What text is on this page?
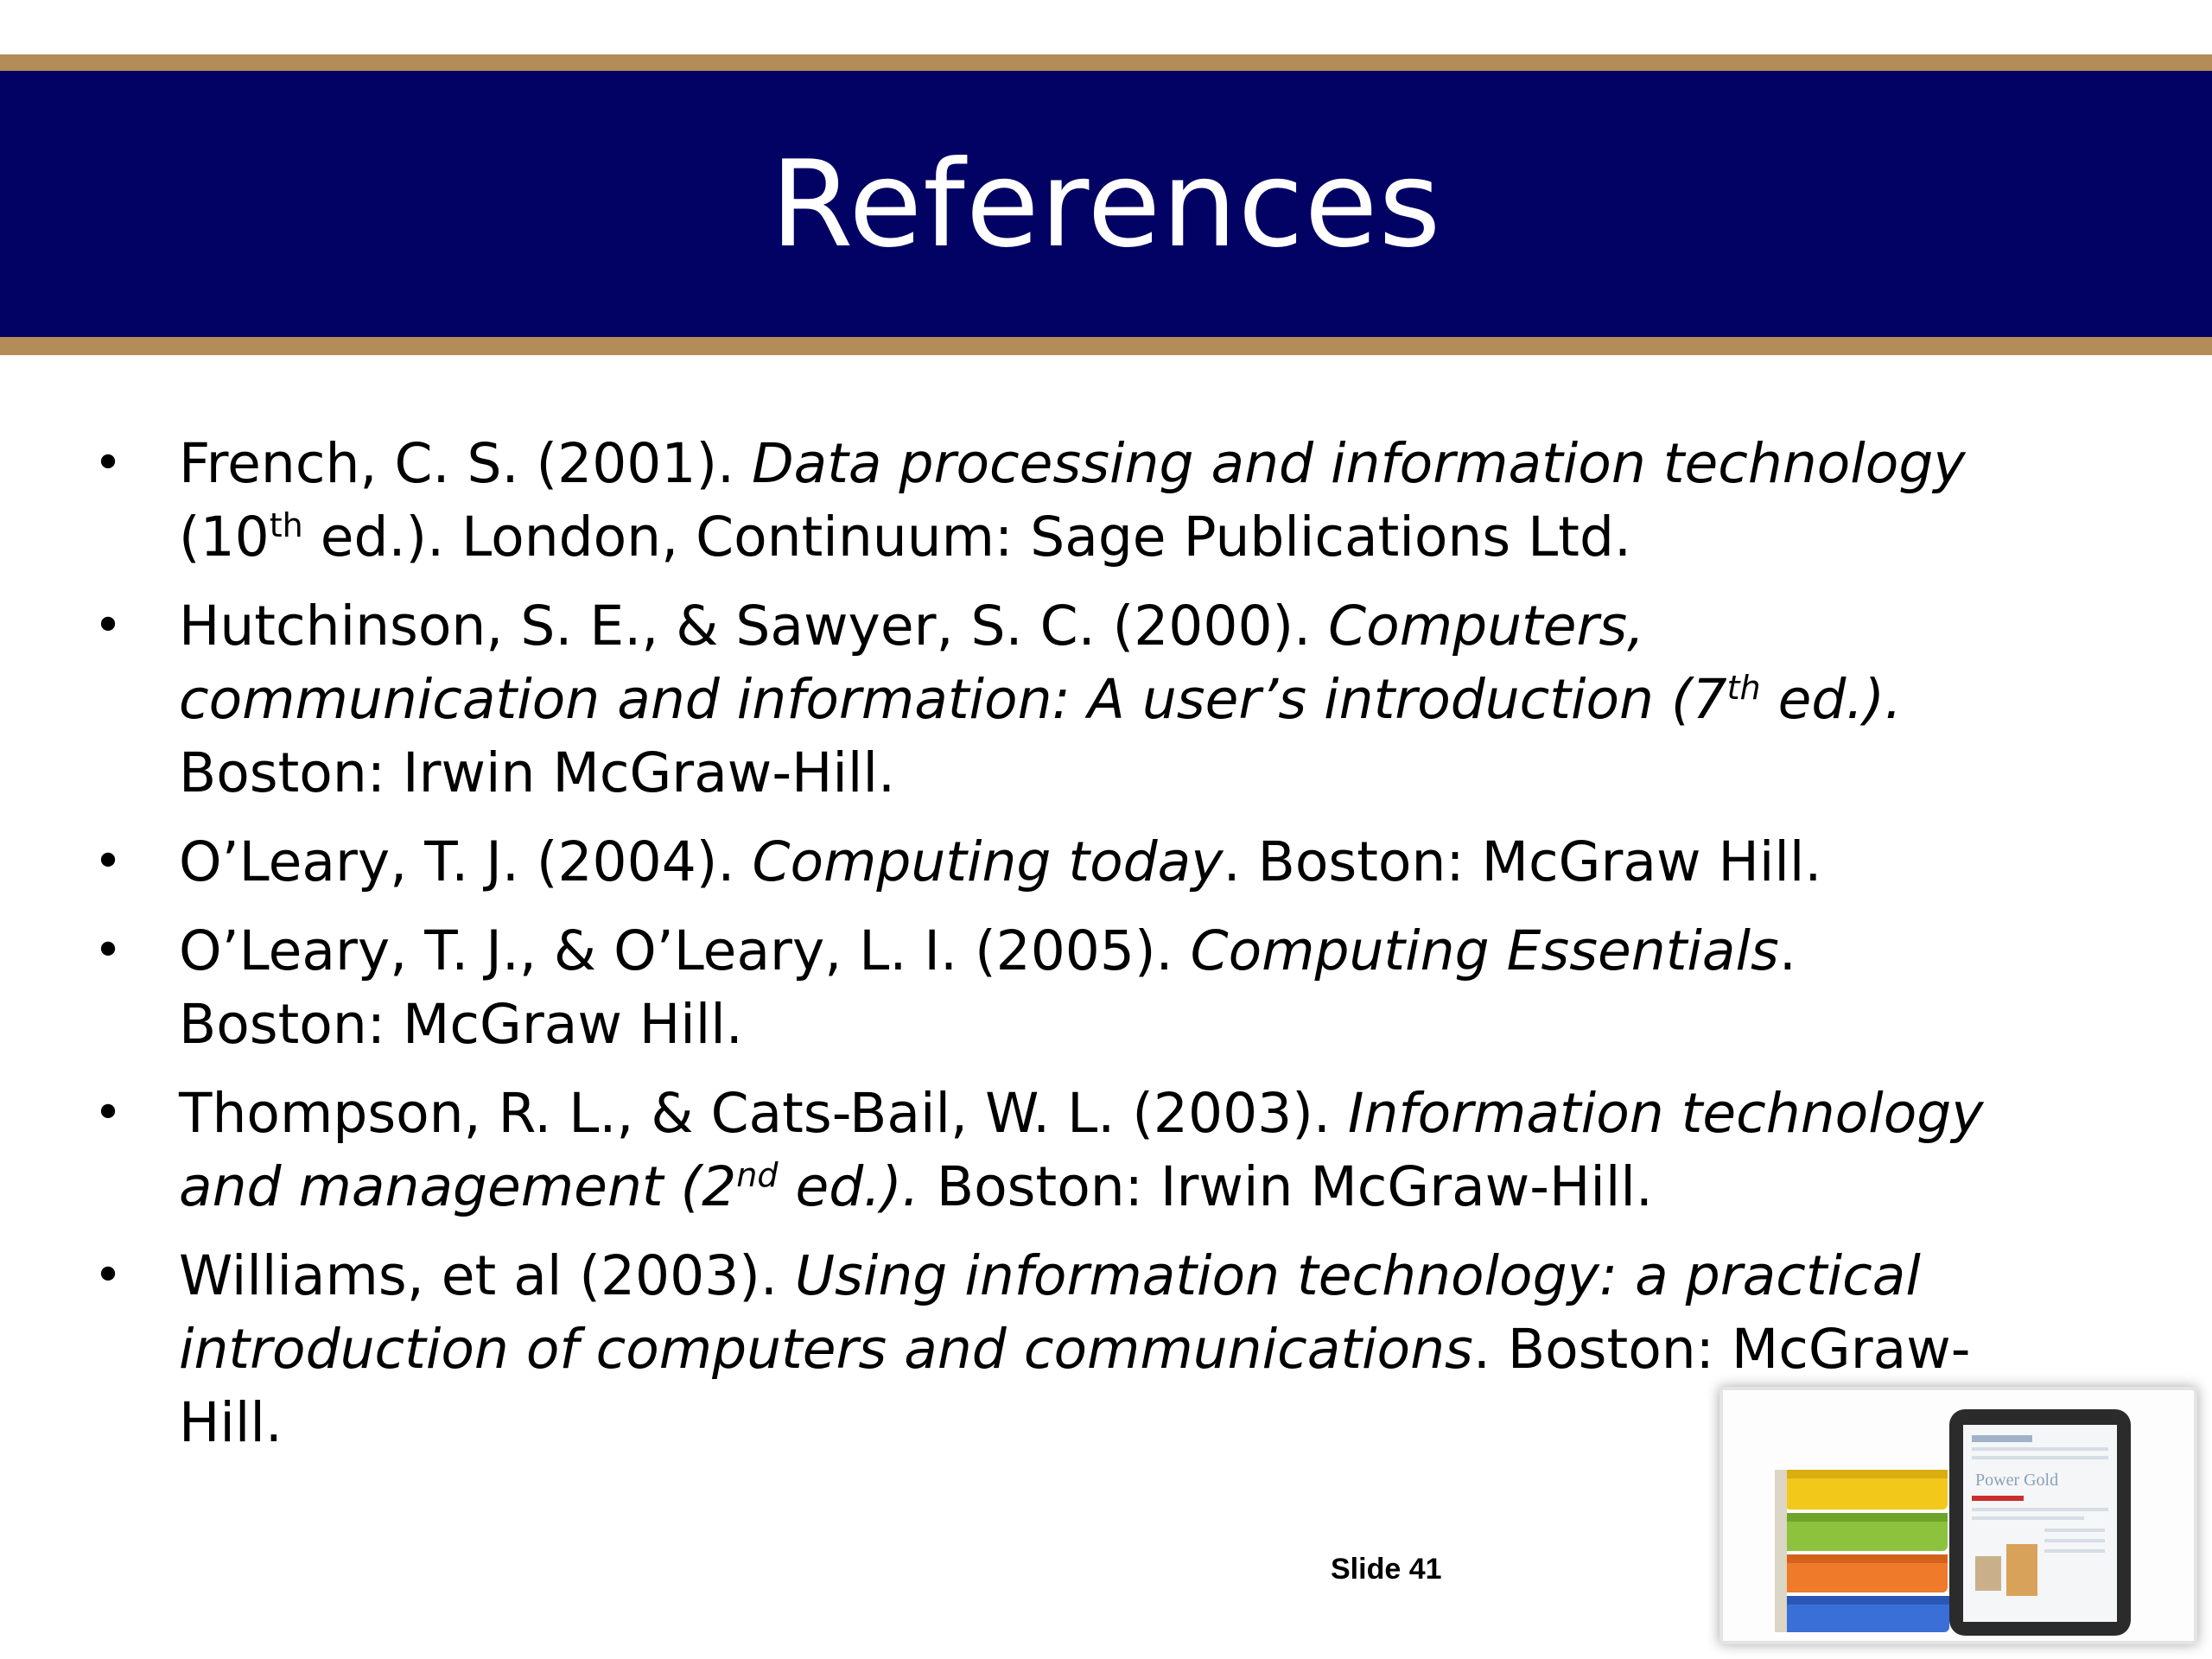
References
• French, C. S. (2001). Data processing and information technology
(10th ed.). London, Continuum: Sage Publications Ltd.
• Hutchinson, S. E., & Sawyer, S. C. (2000). Computers, communication and information: A user’s introduction (7th ed.). Boston: Irwin McGraw-Hill.
• O’Leary, T. J. (2004). Computing today. Boston: McGraw Hill.
• O’Leary, T. J., & O’Leary, L. I. (2005). Computing Essentials. Boston: McGraw Hill.
• Thompson, R. L., & Cats-Bail, W. L. (2003). Information technology and management (2nd ed.). Boston: Irwin McGraw-Hill.
• Williams, et al (2003). Using information technology: a practical introduction of computers and communications. Boston: McGraw-Hill.
Slide 41
Power Gold
